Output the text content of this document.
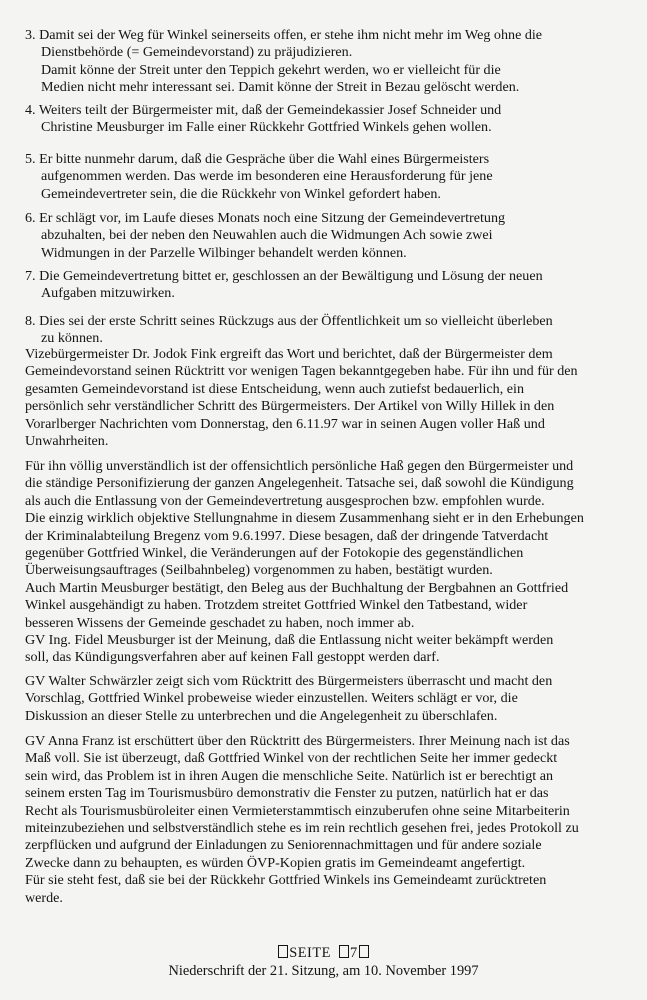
3. Damit sei der Weg für Winkel seinerseits offen, er stehe ihm nicht mehr im Weg ohne die
Dienstbehörde (= Gemeindevorstand) zu präjudizieren.
Damit könne der Streit unter den Teppich gekehrt werden, wo er vielleicht für die
Medien nicht mehr interessant sei. Damit könne der Streit in Bezau gelöscht werden.
4. Weiters teilt der Bürgermeister mit, daß der Gemeindekassier Josef Schneider und
Christine Meusburger im Falle einer Rückkehr Gottfried Winkels gehen wollen.
5. Er bitte nunmehr darum, daß die Gespräche über die Wahl eines Bürgermeisters
aufgenommen werden. Das werde im besonderen eine Herausforderung für jene
Gemeindevertreter sein, die die Rückkehr von Winkel gefordert haben.
6. Er schlägt vor, im Laufe dieses Monats noch eine Sitzung der Gemeindevertretung
abzuhalten, bei der neben den Neuwahlen auch die Widmungen Ach sowie zwei
Widmungen in der Parzelle Wilbinger behandelt werden können.
7. Die Gemeindevertretung bittet er, geschlossen an der Bewältigung und Lösung der neuen
Aufgaben mitzuwirken.
8. Dies sei der erste Schritt seines Rückzugs aus der Öffentlichkeit um so vielleicht überleben
zu können.
Vizebürgermeister Dr. Jodok Fink ergreift das Wort und berichtet, daß der Bürgermeister dem
Gemeindevorstand seinen Rücktritt vor wenigen Tagen bekanntgegeben habe. Für ihn und für den
gesamten Gemeindevorstand ist diese Entscheidung, wenn auch zutiefst bedauerlich, ein
persönlich sehr verständlicher Schritt des Bürgermeisters. Der Artikel von Willy Hillek in den
Vorarlberger Nachrichten vom Donnerstag, den 6.11.97 war in seinen Augen voller Haß und
Unwahrheiten.
Für ihn völlig unverständlich ist der offensichtlich persönliche Haß gegen den Bürgermeister und
die ständige Personifizierung der ganzen Angelegenheit. Tatsache sei, daß sowohl die Kündigung
als auch die Entlassung von der Gemeindevertretung ausgesprochen bzw. empfohlen wurde.
Die einzig wirklich objektive Stellungnahme in diesem Zusammenhang sieht er in den Erhebungen
der Kriminalabteilung Bregenz vom 9.6.1997. Diese besagen, daß der dringende Tatverdacht
gegenüber Gottfried Winkel, die Veränderungen auf der Fotokopie des gegenständlichen
Überweisungsauftrages (Seilbahnbeleg) vorgenommen zu haben, bestätigt wurden.
Auch Martin Meusburger bestätigt, den Beleg aus der Buchhaltung der Bergbahnen an Gottfried
Winkel ausgehändigt zu haben. Trotzdem streitet Gottfried Winkel den Tatbestand, wider
besseren Wissens der Gemeinde geschadet zu haben, noch immer ab.
GV Ing. Fidel Meusburger ist der Meinung, daß die Entlassung nicht weiter bekämpft werden
soll, das Kündigungsverfahren aber auf keinen Fall gestoppt werden darf.
GV Walter Schwärzler zeigt sich vom Rücktritt des Bürgermeisters überrascht und macht den
Vorschlag, Gottfried Winkel probeweise wieder einzustellen. Weiters schlägt er vor, die
Diskussion an dieser Stelle zu unterbrechen und die Angelegenheit zu überschlafen.
GV Anna Franz ist erschüttert über den Rücktritt des Bürgermeisters. Ihrer Meinung nach ist das
Maß voll. Sie ist überzeugt, daß Gottfried Winkel von der rechtlichen Seite her immer gedeckt
sein wird, das Problem ist in ihren Augen die menschliche Seite. Natürlich ist er berechtigt an
seinem ersten Tag im Tourismusbüro demonstrativ die Fenster zu putzen, natürlich hat er das
Recht als Tourismusbüroleiter einen Vermieterstammtisch einzuberufen ohne seine Mitarbeiterin
miteinzubeziehen und selbstverständlich stehe es im rein rechtlich gesehen frei, jedes Protokoll zu
zerpflücken und aufgrund der Einladungen zu Seniorennachmittagen und für andere soziale
Zwecke dann zu behaupten, es würden ÖVP-Kopien gratis im Gemeindeamt angefertigt.
Für sie steht fest, daß sie bei der Rückkehr Gottfried Winkels ins Gemeindeamt zurücktreten
werde.
SEITE 7
Niederschrift der 21. Sitzung, am 10. November 1997
